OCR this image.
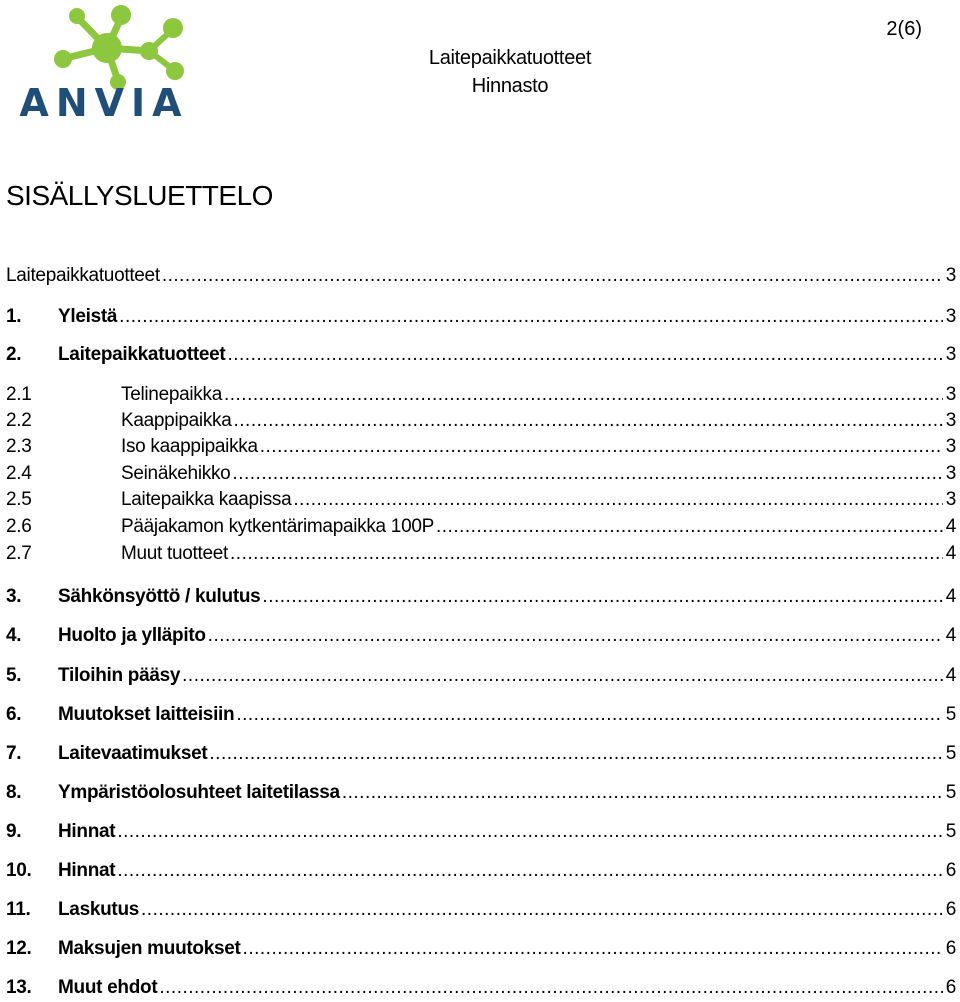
ANVIA
Laitepaikkatuotteet
Hinnasto
2(6)
SISÄLLYSLUETTELO
Laitepaikkatuotteet .....	3
1.	Yleistä .....	3
2.	Laitepaikkatuotteet .....	3
2.1	Telinepaikka .....	3
2.2	Kaappipaikka .....	3
2.3	Iso kaappipaikka .....	3
2.4	Seinäkehikko .....	3
2.5	Laitepaikka kaapissa .....	3
2.6	Pääjakamon kytkentärimapaikka 100P .....	4
2.7	Muut tuotteet .....	4
3.	Sähkönsyöttö / kulutus .....	4
4.	Huolto ja ylläpito .....	4
5.	Tiloihin pääsy .....	4
6.	Muutokset laitteisiin .....	5
7.	Laitevaatimukset .....	5
8.	Ympäristöolosuhteet laitetilassa .....	5
9.	Hinnat .....	5
10.	Hinnat .....	6
11.	Laskutus .....	6
12.	Maksujen muutokset .....	6
13.	Muut ehdot .....	6
